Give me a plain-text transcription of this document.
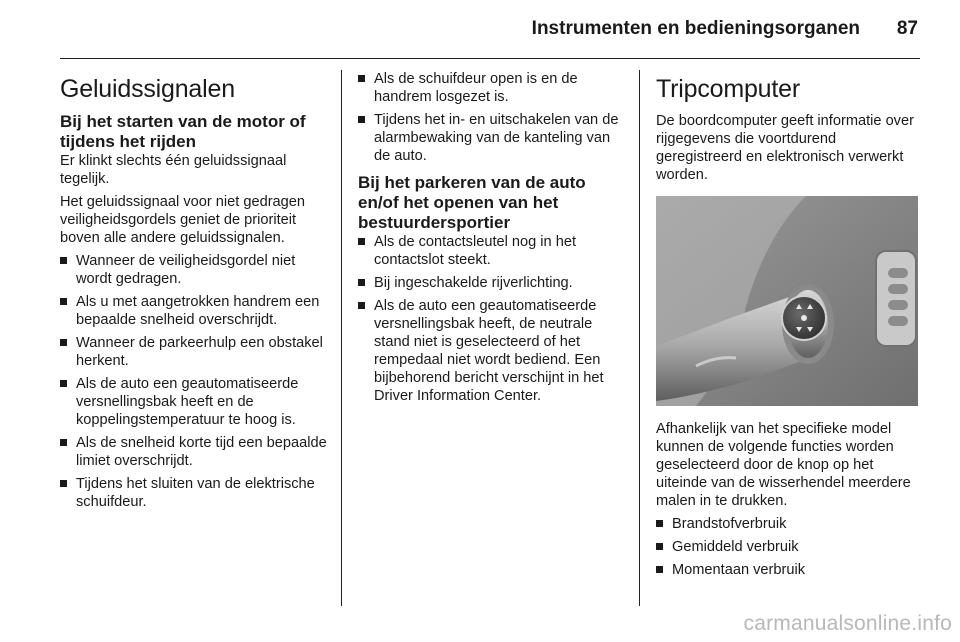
Instrumenten en bedieningsorganen	87
Geluidssignalen
Bij het starten van de motor of tijdens het rijden

Er klinkt slechts één geluidssignaal tegelijk.

Het geluidssignaal voor niet gedragen veiligheidsgordels geniet de prioriteit boven alle andere geluidssignalen.

Wanneer de veiligheidsgordel niet wordt gedragen.
Als u met aangetrokken handrem een bepaalde snelheid overschrijdt.
Wanneer de parkeerhulp een obstakel herkent.
Als de auto een geautomatiseerde versnellingsbak heeft en de koppelingstemperatuur te hoog is.
Als de snelheid korte tijd een bepaalde limiet overschrijdt.
Tijdens het sluiten van de elektrische schuifdeur.
Als de schuifdeur open is en de handrem losgezet is.
Tijdens het in- en uitschakelen van de alarmbewaking van de kanteling van de auto.
Bij het parkeren van de auto en/of het openen van het bestuurdersportier
Als de contactsleutel nog in het contactslot steekt.
Bij ingeschakelde rijverlichting.
Als de auto een geautomatiseerde versnellingsbak heeft, de neutrale stand niet is geselecteerd of het rempedaal niet wordt bediend. Een bijbehorend bericht verschijnt in het Driver Information Center.
Tripcomputer

De boordcomputer geeft informatie over rijgegevens die voortdurend geregistreerd en elektronisch verwerkt worden.

Afhankelijk van het specifieke model kunnen de volgende functies worden geselecteerd door de knop op het uiteinde van de wisserhendel meerdere malen in te drukken.

Brandstofverbruik
Gemiddeld verbruik
Momentaan verbruik
carmanualsonline.info
